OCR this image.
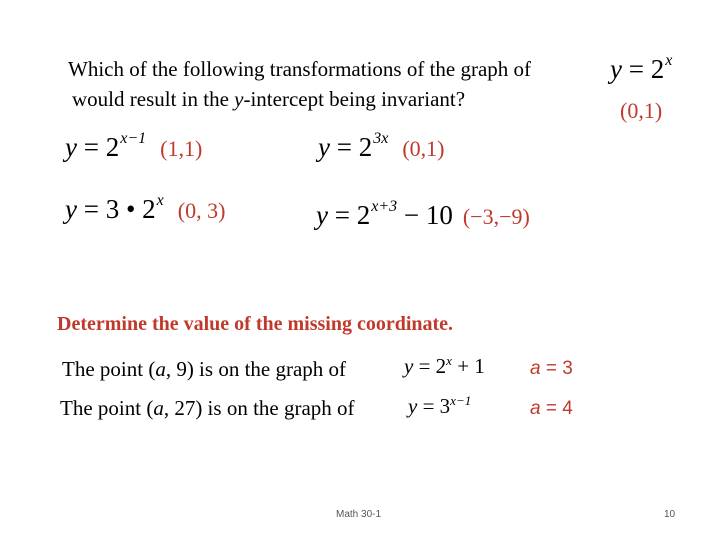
Which of the following transformations of the graph of
would result in the y-intercept being invariant?
$y = 2^x$
(0,1)
$y = 2^{x-1}$ (1,1)	$y = 2^{3x}$ (0,1)
y = 3 • 2$^x$ (0, 3)	$y = 2^{x+3} - 10$ (−3,−9)
Determine the value of the missing coordinate.
The point (a, 9) is on the graph of	$y = 2^x + 1$ a = 3
The point (a, 27) is on the graph of	$y = 3^{x-1}$	a = 4
Math 30-1	10
